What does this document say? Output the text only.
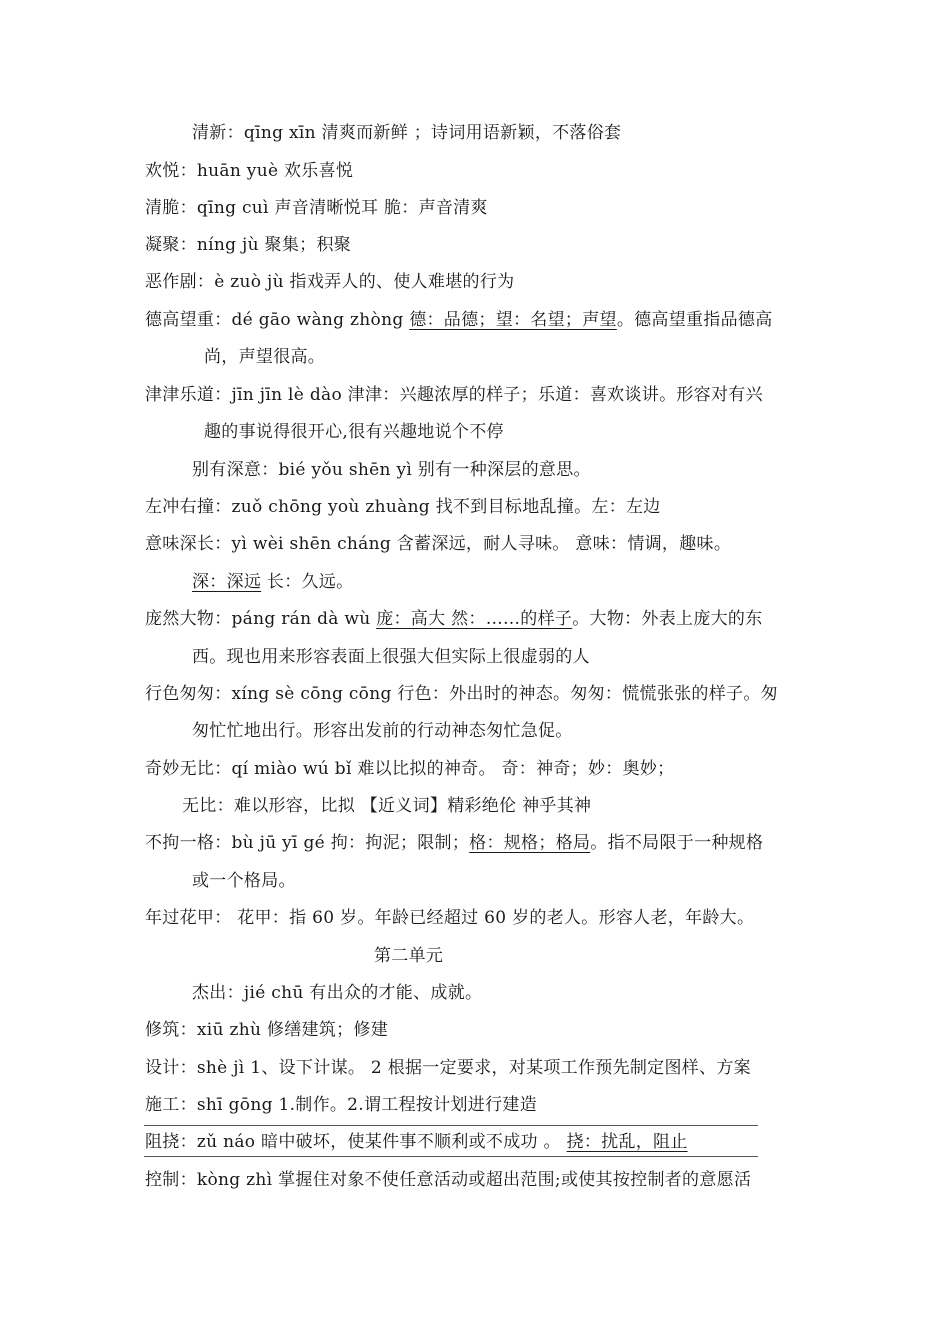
清新：qīng xīn 清爽而新鲜 ；诗词用语新颖，不落俗套
欢悦：huān yuè 欢乐喜悦
清脆：qīng cuì 声音清晰悦耳 脆：声音清爽
凝聚：níng jù 聚集；积聚
恶作剧：è zuò jù 指戏弄人的、使人难堪的行为
德高望重：dé gāo wàng zhòng 德：品德；望：名望；声望。德高望重指品德高
尚，声望很高。
津津乐道：jīn jīn lè dào 津津：兴趣浓厚的样子；乐道：喜欢谈讲。形容对有兴
趣的事说得很开心,很有兴趣地说个不停
别有深意：bié yǒu shēn yì 别有一种深层的意思。
左冲右撞：zuǒ chōng yoù zhuàng 找不到目标地乱撞。左：左边
意味深长：yì wèi shēn cháng 含蓄深远，耐人寻味。 意味：情调，趣味。
深：深远 长：久远。
庞然大物：páng rán dà wù 庞：高大 然：……的样子。大物：外表上庞大的东
西。现也用来形容表面上很强大但实际上很虚弱的人
行色匆匆：xíng sè cōng cōng 行色：外出时的神态。匆匆：慌慌张张的样子。匆
匆忙忙地出行。形容出发前的行动神态匆忙急促。
奇妙无比：qí miào wú bǐ 难以比拟的神奇。 奇：神奇；妙：奥妙；
无比：难以形容，比拟 【近义词】精彩绝伦 神乎其神
不拘一格：bù jū yī gé 拘：拘泥；限制；格：规格；格局。指不局限于一种规格
或一个格局。
年过花甲： 花甲：指 60 岁。年龄已经超过 60 岁的老人。形容人老，年龄大。
第二单元
杰出：jié chū 有出众的才能、成就。
修筑：xiū zhù 修缮建筑；修建
设计：shè jì 1、设下计谋。 2 根据一定要求，对某项工作预先制定图样、方案
施工：shī gōng 1.制作。2.谓工程按计划进行建造
阻挠：zǔ náo 暗中破坏，使某件事不顺利或不成功 。 挠：扰乱，阻止
控制：kòng zhì 掌握住对象不使任意活动或超出范围;或使其按控制者的意愿活
